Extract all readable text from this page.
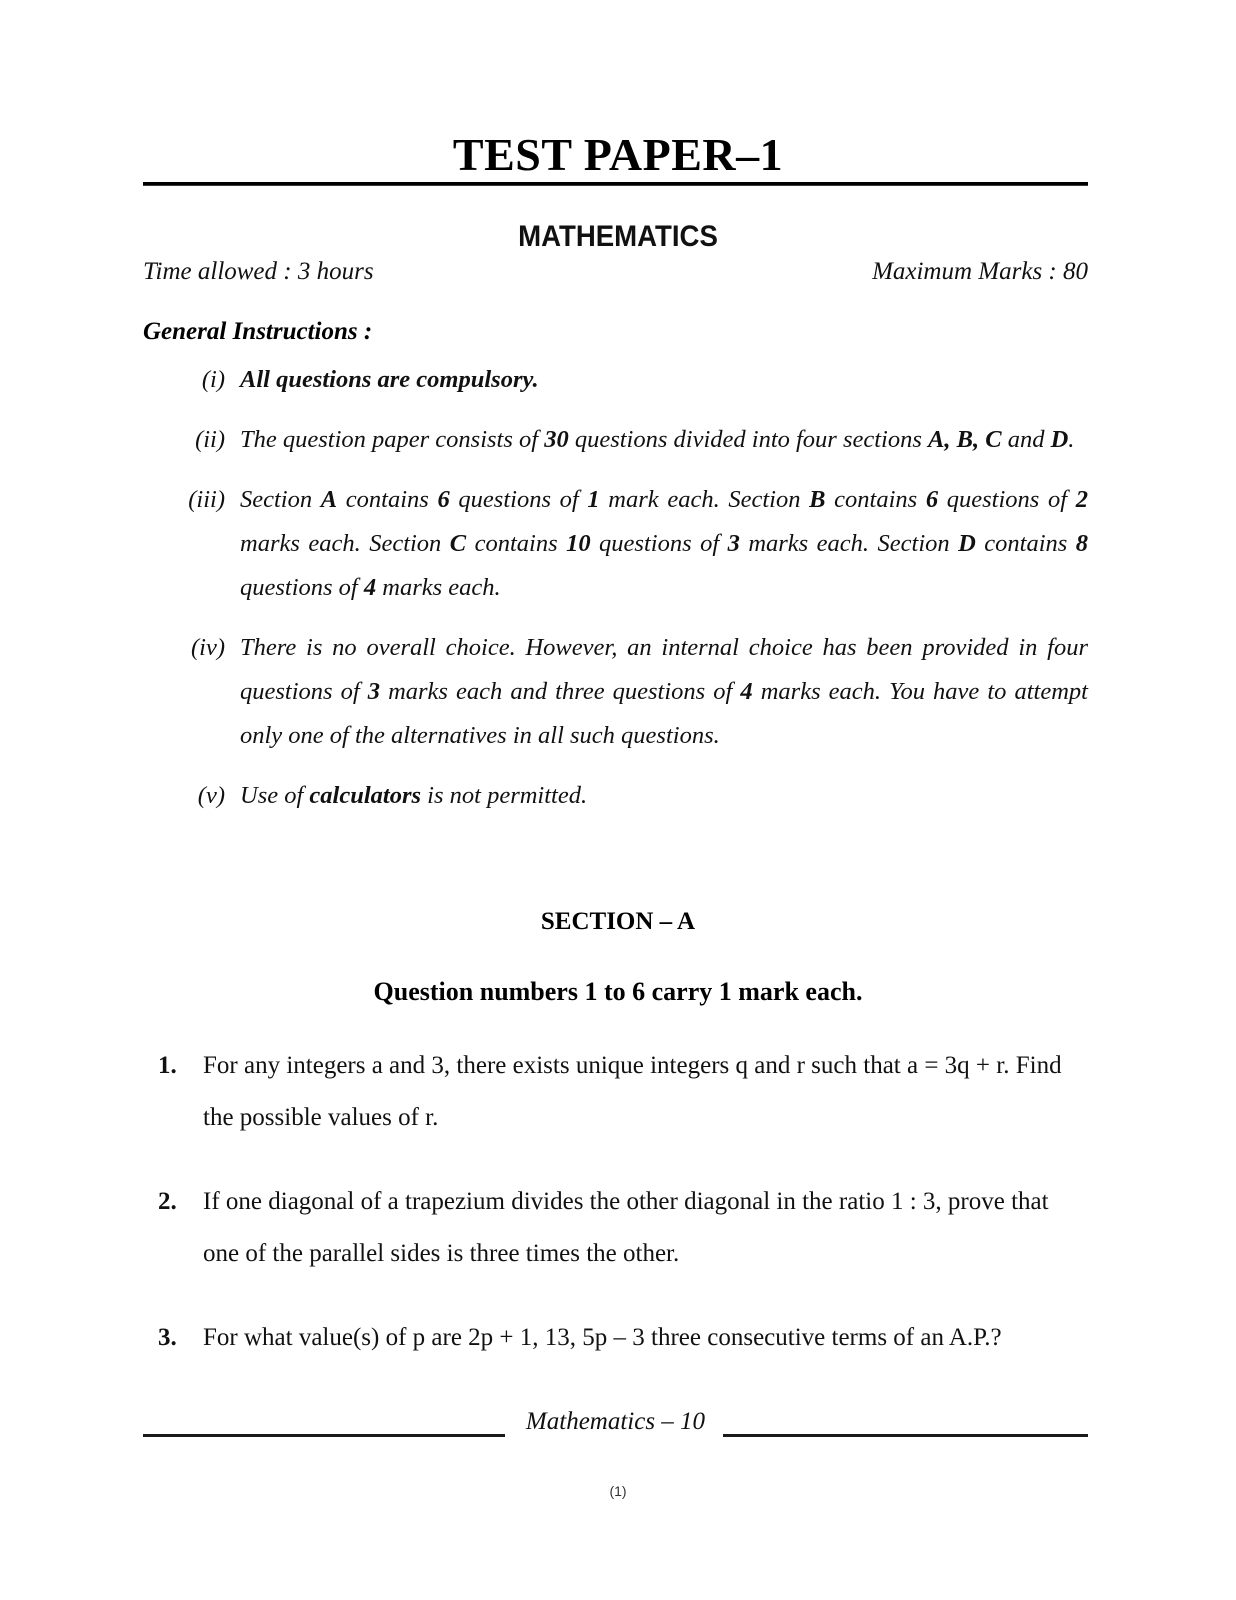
TEST PAPER–1
MATHEMATICS
Time allowed : 3 hours	Maximum Marks : 80
General Instructions :
(i) All questions are compulsory.
(ii) The question paper consists of 30 questions divided into four sections A, B, C and D.
(iii) Section A contains 6 questions of 1 mark each. Section B contains 6 questions of 2 marks each. Section C contains 10 questions of 3 marks each. Section D contains 8 questions of 4 marks each.
(iv) There is no overall choice. However, an internal choice has been provided in four questions of 3 marks each and three questions of 4 marks each. You have to attempt only one of the alternatives in all such questions.
(v) Use of calculators is not permitted.
SECTION – A
Question numbers 1 to 6 carry 1 mark each.
1.	For any integers a and 3, there exists unique integers q and r such that a = 3q + r. Find the possible values of r.
2.	If one diagonal of a trapezium divides the other diagonal in the ratio 1 : 3, prove that one of the parallel sides is three times the other.
3.	For what value(s) of p are 2p + 1, 13, 5p – 3 three consecutive terms of an A.P.?
Mathematics – 10
(1)
